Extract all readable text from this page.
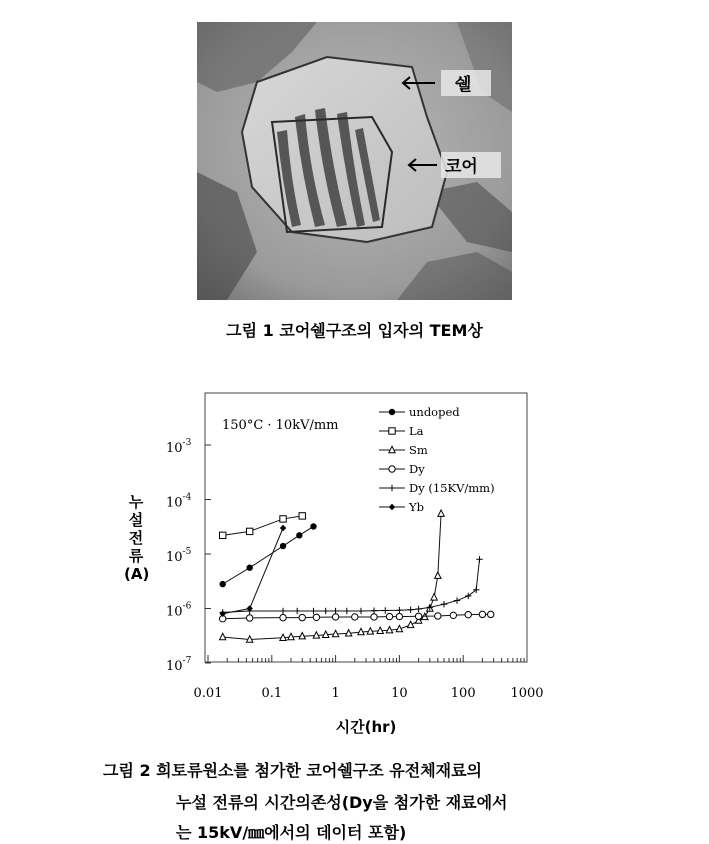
쉘
코어
그림 1 코어쉘구조의 입자의 TEM상
누
설
전
류
(A)
0.01	0.1	1	10	100	1000
$10^{-3}$
$10^{-4}$
$10^{-5}$
$10^{-6}$
$10^{-7}$
undoped
La
Sm
Dy
Dy (15KV/mm)
Yb
150°C · 10kV/mm
시간(hr)
그림 2 희토류원소를 첨가한 코어쉘구조 유전체재료의
누설 전류의 시간의존성(Dy을 첨가한 재료에서
는 15kV/㎜에서의 데이터 포함)
